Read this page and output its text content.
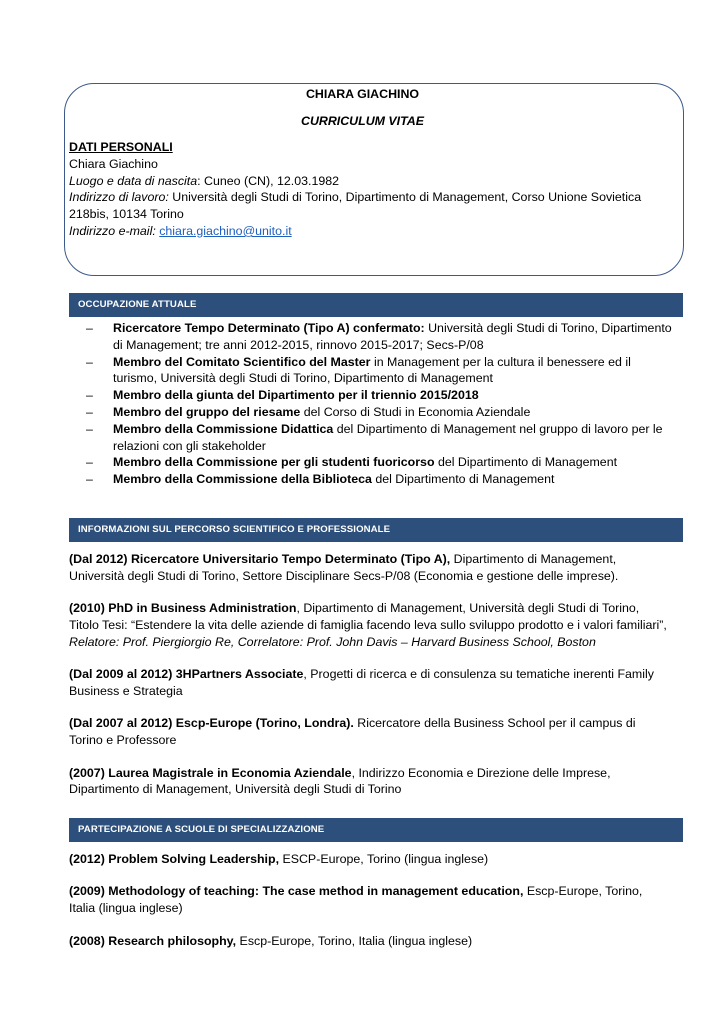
CHIARA GIACHINO
CURRICULUM VITAE
DATI PERSONALI
Chiara Giachino
Luogo e data di nascita: Cuneo (CN), 12.03.1982
Indirizzo di lavoro: Università degli Studi di Torino, Dipartimento di Management, Corso Unione Sovietica 218bis, 10134 Torino
Indirizzo e-mail: chiara.giachino@unito.it
OCCUPAZIONE ATTUALE
– Ricercatore Tempo Determinato (Tipo A) confermato: Università degli Studi di Torino, Dipartimento di Management; tre anni 2012-2015, rinnovo 2015-2017; Secs-P/08
– Membro del Comitato Scientifico del Master in Management per la cultura il benessere ed il turismo, Università degli Studi di Torino, Dipartimento di Management
– Membro della giunta del Dipartimento per il triennio 2015/2018
– Membro del gruppo del riesame del Corso di Studi in Economia Aziendale
– Membro della Commissione Didattica del Dipartimento di Management nel gruppo di lavoro per le relazioni con gli stakeholder
– Membro della Commissione per gli studenti fuoricorso del Dipartimento di Management
– Membro della Commissione della Biblioteca del Dipartimento di Management
INFORMAZIONI SUL PERCORSO SCIENTIFICO E PROFESSIONALE

(Dal 2012) Ricercatore Universitario Tempo Determinato (Tipo A), Dipartimento di Management, Università degli Studi di Torino, Settore Disciplinare Secs-P/08 (Economia e gestione delle imprese).

(2010) PhD in Business Administration, Dipartimento di Management, Università degli Studi di Torino, Titolo Tesi: “Estendere la vita delle aziende di famiglia facendo leva sullo sviluppo prodotto e i valori familiari”, Relatore: Prof. Piergiorgio Re, Correlatore: Prof. John Davis – Harvard Business School, Boston

(Dal 2009 al 2012) 3HPartners Associate, Progetti di ricerca e di consulenza su tematiche inerenti Family Business e Strategia

(Dal 2007 al 2012) Escp-Europe (Torino, Londra). Ricercatore della Business School per il campus di Torino e Professore

(2007) Laurea Magistrale in Economia Aziendale, Indirizzo Economia e Direzione delle Imprese, Dipartimento di Management, Università degli Studi di Torino

PARTECIPAZIONE A SCUOLE DI SPECIALIZZAZIONE

(2012) Problem Solving Leadership, ESCP-Europe, Torino (lingua inglese)

(2009) Methodology of teaching: The case method in management education, Escp-Europe, Torino, Italia (lingua inglese)

(2008) Research philosophy, Escp-Europe, Torino, Italia (lingua inglese)
